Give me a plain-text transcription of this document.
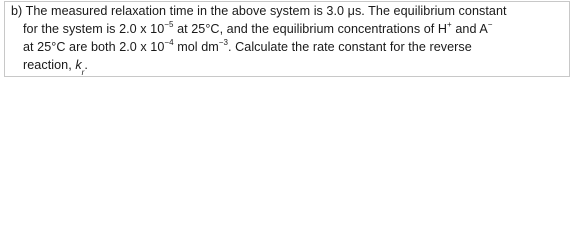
b) The measured relaxation time in the above system is 3.0 μs. The equilibrium constant
for the system is 2.0 x $10^{-5}$ at 25°C, and the equilibrium concentrations of H+ and A−
at 25°C are both 2.0 x $10^{-4}$ mol $dm^{-3}$. Calculate the rate constant for the reverse
reaction, $k_r$.
